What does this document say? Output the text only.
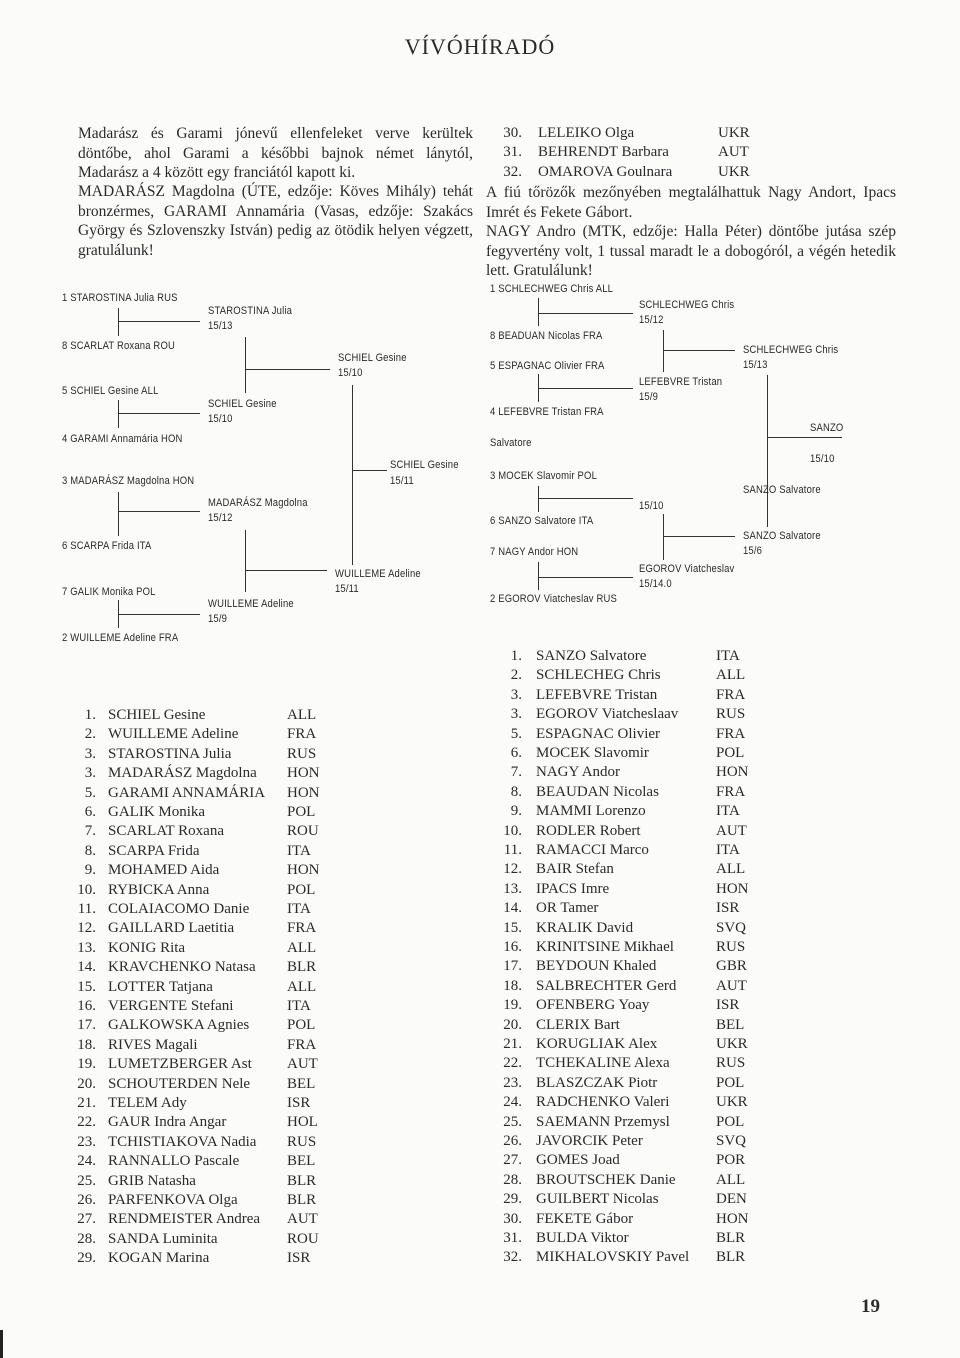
VÍVÓHÍRADÓ
Madarász és Garami jónevű ellenfeleket verve kerültek döntőbe, ahol Garami a későbbi bajnok német lánytól, Madarász a 4 között egy franciától kapott ki.
MADARÁSZ Magdolna (ÚTE, edzője: Köves Mihály) tehát bronzérmes, GARAMI Annamária (Vasas, edzője: Szakács György és Szlovenszky István) pedig az ötödik helyen végzett, gratulálunk!
1 STAROSTINA Julia RUS
8 SCARLAT Roxana ROU
5 SCHIEL Gesine ALL
4 GARAMI Annamária HON
3 MADARÁSZ Magdolna HON
6 SCARPA Frida ITA
7 GALIK Monika POL
2 WUILLEME Adeline FRA
STAROSTINA Julia
15/13
SCHIEL Gesine
15/10
MADARÁSZ Magdolna
15/12
WUILLEME Adeline
15/9
SCHIEL Gesine
15/10
WUILLEME Adeline
15/11
SCHIEL Gesine
15/11
1. SCHIEL Gesine	ALL
2. WUILLEME Adeline	FRA
3. STAROSTINA Julia	RUS
3. MADARÁSZ Magdolna HON
5. GARAMI ANNAMÁRIA HON
6. GALIK Monika	POL
7. SCARLAT Roxana	ROU
8. SCARPA Frida	ITA
9. MOHAMED Aida	HON
10. RYBICKA Anna	POL
11. COLAIACOMO Danie	ITA
12. GAILLARD Laetitia	FRA
13. KONIG Rita	ALL
14. KRAVCHENKO Natasa BLR
15. LOTTER Tatjana	ALL
16. VERGENTE Stefani	ITA
17. GALKOWSKA Agnies	POL
18. RIVES Magali	FRA
19. LUMETZBERGER Ast AUT
20. SCHOUTERDEN Nele BEL
21. TELEM Ady	ISR
22. GAUR Indra Angar	HOL
23. TCHISTIAKOVA Nadia RUS
24. RANNALLO Pascale	BEL
25. GRIB Natasha	BLR
26. PARFENKOVA Olga	BLR
27. RENDMEISTER Andrea AUT
28. SANDA Luminita	ROU
29. KOGAN Marina	ISR
30. LELEIKO Olga	UKR
31. BEHRENDT Barbara	AUT
32. OMAROVA Goulnara	UKR
A fiú tőrözők mezőnyében megtalálhattuk Nagy Andort, Ipacs Imrét és Fekete Gábort.
NAGY Andro (MTK, edzője: Halla Péter) döntőbe jutása szép fegyvertény volt, 1 tussal maradt le a dobogóról, a végén hetedik lett. Gratulálunk!
1 SCHLECHWEG Chris ALL
8 BEADUAN Nicolas FRA
5 ESPAGNAC Olivier FRA
4 LEFEBVRE Tristan FRA
Salvatore
3 MOCEK Slavomir POL
6 SANZO Salvatore ITA
7 NAGY Andor HON
2 EGOROV Viatcheslav RUS
SCHLECHWEG Chris
15/12
LEFEBVRE Tristan
15/9
15/10
EGOROV Viatcheslav
15/14.0
SCHLECHWEG Chris
15/13
SANZO Salvatore
15/6
SANZO
15/10
SANZO Salvatore
1. SANZO Salvatore	ITA
2. SCHLECHEG Chris	ALL
3. LEFEBVRE Tristan	FRA
3. EGOROV Viatcheslaav	RUS
5. ESPAGNAC Olivier	FRA
6. MOCEK Slavomir	POL
7. NAGY Andor	HON
8. BEAUDAN Nicolas	FRA
9. MAMMI Lorenzo	ITA
10. RODLER Robert	AUT
11. RAMACCI Marco	ITA
12. BAIR Stefan	ALL
13. IPACS Imre	HON
14. OR Tamer	ISR
15. KRALIK David	SVQ
16. KRINITSINE Mikhael	RUS
17. BEYDOUN Khaled	GBR
18. SALBRECHTER Gerd	AUT
19. OFENBERG Yoay	ISR
20. CLERIX Bart	BEL
21. KORUGLIAK Alex	UKR
22. TCHEKALINE Alexa	RUS
23. BLASZCZAK Piotr	POL
24. RADCHENKO Valeri	UKR
25. SAEMANN Przemysl	POL
26. JAVORCIK Peter	SVQ
27. GOMES Joad	POR
28. BROUTSCHEK Danie	ALL
29. GUILBERT Nicolas	DEN
30. FEKETE Gábor	HON
31. BULDA Viktor	BLR
32. MIKHALOVSKIY Pavel BLR
19
